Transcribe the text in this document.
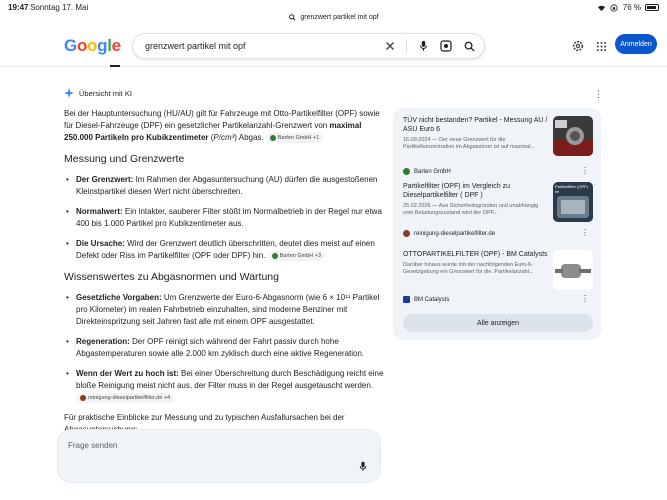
19:47 Sonntag 17. Mai	76 %
grenzwert partikel mit opf
Google	grenzwert partikel mit opf	Anmelden
Übersicht mit KI	⋮

Bei der Hauptuntersuchung (HU/AU) gilt für Fahrzeuge mit Otto-Partikelfilter (OPF) sowie für Diesel-Fahrzeuge (DPF) ein gesetzlicher Partikelanzahl-Grenzwert von maximal 250.000 Partikeln pro Kubikzentimeter (P/cm³) Abgas.	Barten GmbH +1

Messung und Grenzwerte
• Der Grenzwert: Im Rahmen der Abgasuntersuchung (AU) dürfen die ausgestoßenen Kleinstpartikel diesen Wert nicht überschreiten.
• Normalwert: Ein intakter, sauberer Filter stößt im Normalbetrieb in der Regel nur etwa 400 bis 1.000 Partikel pro Kubikzentimeter aus.
• Die Ursache: Wird der Grenzwert deutlich überschritten, deutet dies meist auf einen Defekt oder Riss im Partikelfilter (OPF oder DPF) hin.	Barten GmbH +3
Wissenswertes zu Abgasnormen und Wartung
• Gesetzliche Vorgaben: Um Grenzwerte der Euro-6-Abgasnorm (wie 6 × 10¹¹ Partikel pro Kilometer) im realen Fahrbetrieb einzuhalten, sind moderne Benziner mit Direkteinspritzung seit Jahren fast alle mit einem OPF ausgestattet.
• Regeneration: Der OPF reinigt sich während der Fahrt passiv durch hohe Abgastemperaturen sowie alle 2.000 km zyklisch durch eine aktive Regeneration.
• Wenn der Wert zu hoch ist: Bei einer Überschreitung durch Beschädigung reicht eine bloße Reinigung meist nicht aus, der Filter muss in der Regel ausgetauscht werden.
reinigung-dieselpartikelfilter.de +4

Für praktische Einblicke zur Messung und zu typischen Ausfallursachen bei der

Frage senden
TÜV nicht bestanden? Partikel - Messung AU / ASU Euro 6
16.09.2024 — Der neue Grenzwert für die Partikelkonzentration im Abgasstrom ist auf maximal...
Barten GmbH	⋮
Partikelfilter (OPF) im Vergleich zu Dieselpartikelfilter ( DPF )
25.02.2026 — Aus Sicherheitsgründen und unabhängig vom Beladungszustand wird der OPF...
Partikelfilter (OPF) im
reinigung-dieselpartikelfilter.de	⋮
OTTOPARTIKELFILTER (OPF) - BM Catalysts
Darüber hinaus wurde mit der nachfolgenden Euro-6-Gesetzgebung ein Grenzwert für die. Partikelanzahl...
BM Catalysts	⋮
Alle anzeigen
